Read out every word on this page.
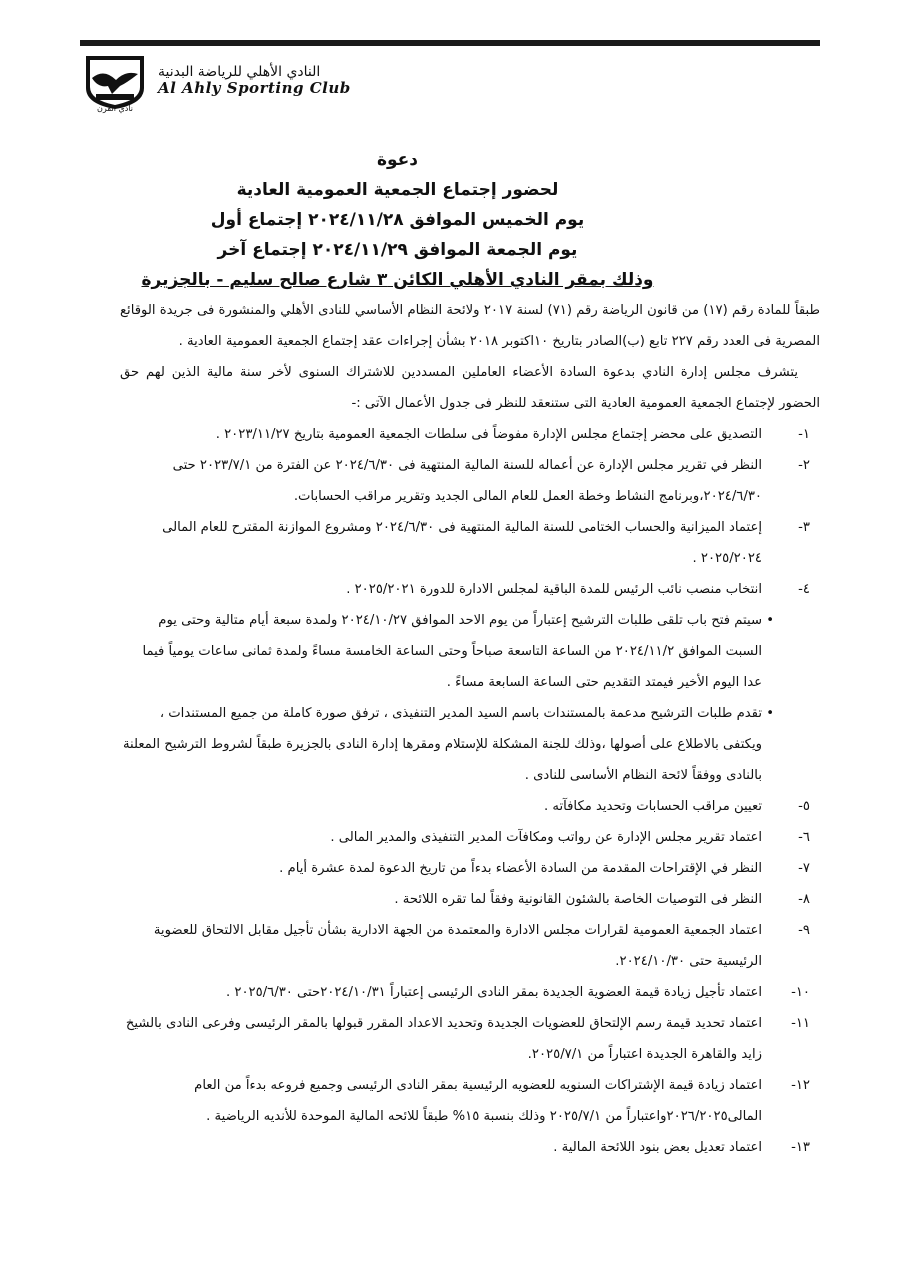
نادي القرن
النادي الأهلي للرياضة البدنية
Al Ahly Sporting Club
دعوة
لحضور إجتماع الجمعية العمومية العادية
يوم الخميس الموافق ٢٠٢٤/١١/٢٨ إجتماع أول
يوم الجمعة الموافق ٢٠٢٤/١١/٢٩ إجتماع آخر
وذلك بمقر النادي الأهلي الكائن ٣ شارع صالح سليم - بالجزيرة

طبقاً للمادة رقم (١٧) من قانون الرياضة رقم (٧١) لسنة ٢٠١٧ ولائحة النظام الأساسي للنادى الأهلي والمنشورة فى جريدة الوقائع المصرية فى العدد رقم ٢٢٧ تابع (ب)الصادر بتاريخ ١٠اكتوبر ٢٠١٨ بشأن إجراءات عقد إجتماع الجمعية العمومية العادية .

يتشرف مجلس إدارة النادي بدعوة السادة الأعضاء العاملين المسددين للاشتراك السنوى لأخر سنة مالية الذين لهم حق الحضور لإجتماع الجمعية العمومية العادية التى ستنعقد للنظر فى جدول الأعمال الآتى :-

١-
التصديق على محضر إجتماع مجلس الإدارة مفوضاً فى سلطات الجمعية العمومية بتاريخ ٢٠٢٣/١١/٢٧ .
٢-
النظر في تقرير مجلس الإدارة عن أعماله للسنة المالية المنتهية فى ٢٠٢٤/٦/٣٠ عن الفترة من ٢٠٢٣/٧/١ حتى ٢٠٢٤/٦/٣٠،وبرنامج النشاط وخطة العمل للعام المالى الجديد وتقرير مراقب الحسابات.
٣-
إعتماد الميزانية والحساب الختامى للسنة المالية المنتهية فى ٢٠٢٤/٦/٣٠ ومشروع الموازنة المقترح للعام المالى ٢٠٢٥/٢٠٢٤ .
٤-
انتخاب منصب نائب الرئيس للمدة الباقية لمجلس الادارة للدورة ٢٠٢٥/٢٠٢١ .
•
سيتم فتح باب تلقى طلبات الترشيح إعتباراً من يوم الاحد الموافق ٢٠٢٤/١٠/٢٧ ولمدة سبعة أيام متالية وحتى يوم السبت الموافق ٢٠٢٤/١١/٢ من الساعة التاسعة صباحاً وحتى الساعة الخامسة مساءً ولمدة ثمانى ساعات يومياً فيما عدا اليوم الأخير فيمتد التقديم حتى الساعة السابعة مساءً .
•
تقدم طلبات الترشيح مدعمة بالمستندات باسم السيد المدير التنفيذى ، ترفق صورة كاملة من جميع المستندات ، ويكتفى بالاطلاع على أصولها ،وذلك للجنة المشكلة للإستلام ومقرها إدارة النادى بالجزيرة طبقاً لشروط الترشيح المعلنة بالنادى ووفقاً لائحة النظام الأساسى للنادى .
٥-
تعيين مراقب الحسابات وتحديد مكافآته .
٦-
اعتماد تقرير مجلس الإدارة عن رواتب ومكافآت المدير التنفيذى والمدير المالى .
٧-
النظر في الإقتراحات المقدمة من السادة الأعضاء بدءاً من تاريخ الدعوة لمدة عشرة أيام .
٨-
النظر فى التوصيات الخاصة بالشئون القانونية وفقاً لما تقره اللائحة .
٩-
اعتماد الجمعية العمومية لقرارات مجلس الادارة والمعتمدة من الجهة الادارية بشأن تأجيل مقابل الالتحاق للعضوية الرئيسية حتى ٢٠٢٤/١٠/٣٠.
١٠-
اعتماد تأجيل زيادة قيمة العضوية الجديدة بمقر النادى الرئيسى إعتباراً ٢٠٢٤/١٠/٣١حتى ٢٠٢٥/٦/٣٠ .
١١-
اعتماد تحديد قيمة رسم الإلتحاق للعضويات الجديدة وتحديد الاعداد المقرر قبولها بالمقر الرئيسى وفرعى النادى بالشيخ زايد والقاهرة الجديدة اعتباراً من ٢٠٢٥/٧/١.
١٢-
اعتماد زيادة قيمة الإشتراكات السنويه للعضويه الرئيسية بمقر النادى الرئيسى وجميع فروعه بدءاً من العام المالى٢٠٢٦/٢٠٢٥واعتباراً من ٢٠٢٥/٧/١ وذلك بنسبة ١٥% طبقاً للائحه المالية الموحدة للأنديه الرياضية .
١٣-
اعتماد تعديل بعض بنود اللائحة المالية .
